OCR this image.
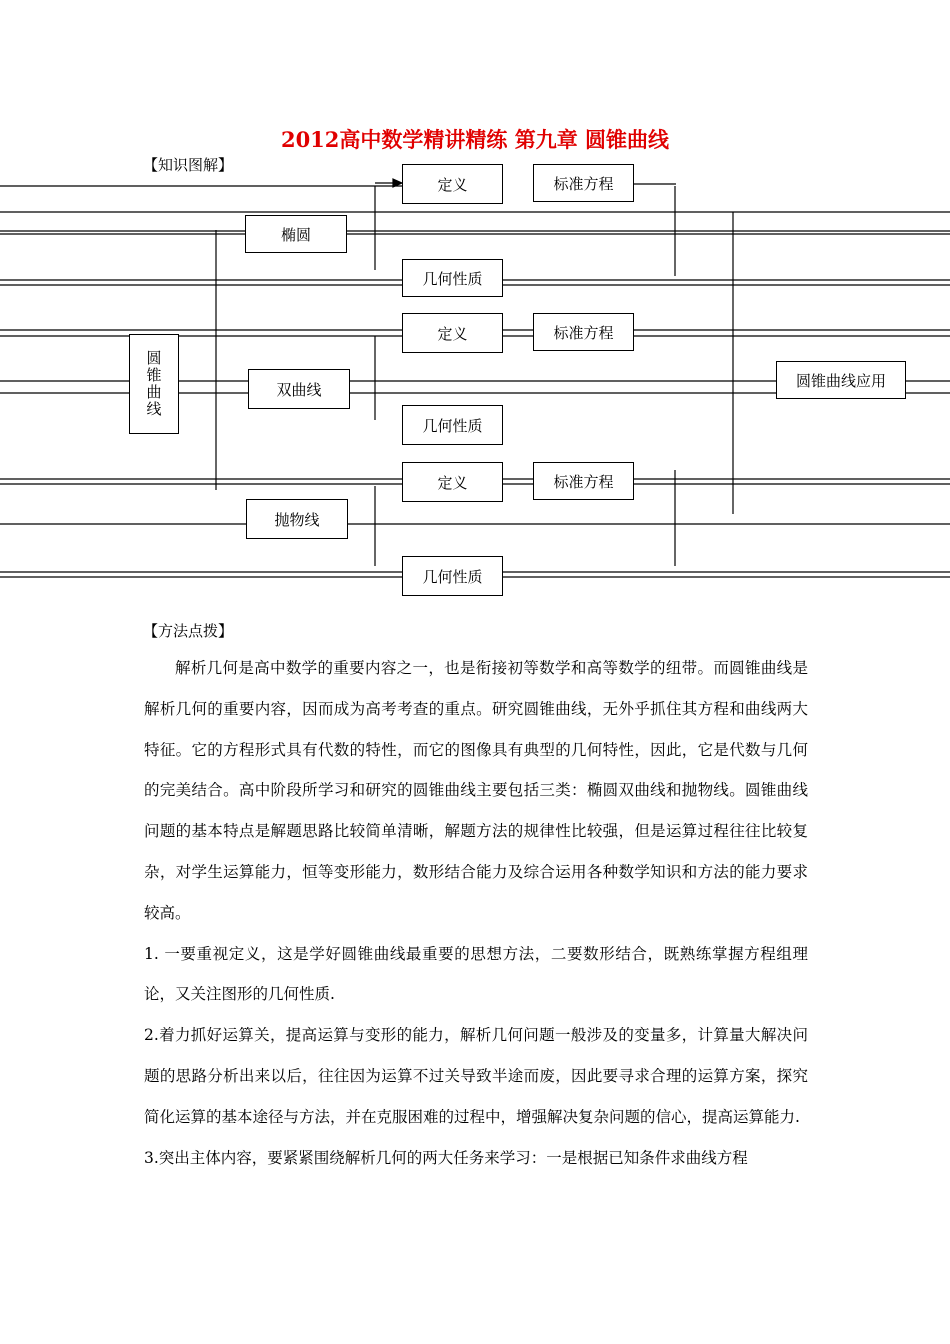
2012高中数学精讲精练 第九章 圆锥曲线
【知识图解】
圆锥曲线
椭圆
双曲线
抛物线
定义	标准方程
几何性质
定义	标准方程
几何性质
定义	标准方程
几何性质
圆锥曲线应用
【方法点拨】

解析几何是高中数学的重要内容之一，也是衔接初等数学和高等数学的纽带。而圆锥曲线是解析几何的重要内容，因而成为高考考查的重点。研究圆锥曲线，无外乎抓住其方程和曲线两大特征。它的方程形式具有代数的特性，而它的图像具有典型的几何特性，因此，它是代数与几何的完美结合。高中阶段所学习和研究的圆锥曲线主要包括三类：椭圆双曲线和抛物线。圆锥曲线问题的基本特点是解题思路比较简单清晰，解题方法的规律性比较强，但是运算过程往往比较复杂，对学生运算能力，恒等变形能力，数形结合能力及综合运用各种数学知识和方法的能力要求较高。

1. 一要重视定义，这是学好圆锥曲线最重要的思想方法，二要数形结合，既熟练掌握方程组理论，又关注图形的几何性质.

2.着力抓好运算关，提高运算与变形的能力，解析几何问题一般涉及的变量多，计算量大解决问题的思路分析出来以后，往往因为运算不过关导致半途而废，因此要寻求合理的运算方案，探究简化运算的基本途径与方法，并在克服困难的过程中，增强解决复杂问题的信心，提高运算能力.

3.突出主体内容，要紧紧围绕解析几何的两大任务来学习：一是根据已知条件求曲线方程
